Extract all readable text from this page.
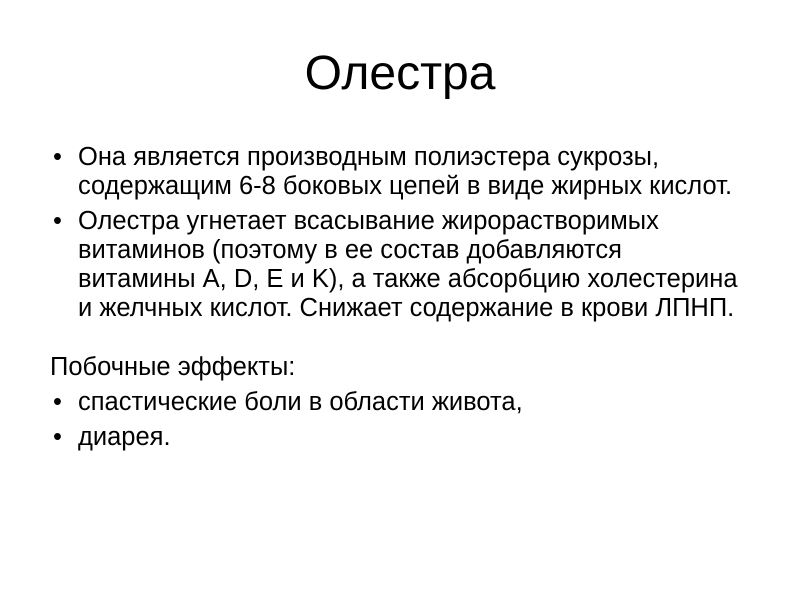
Олестра
• Она является производным полиэстера сукрозы, содержащим 6-8 боковых цепей в виде жирных кислот.
• Олестра угнетает всасывание жирорастворимых витаминов (поэтому в ее состав добавляются витамины А, D, E и K), а также абсорбцию холестерина и желчных кислот. Снижает содержание в крови ЛПНП.
Побочные эффекты:
• спастические боли в области живота,
• диарея.
